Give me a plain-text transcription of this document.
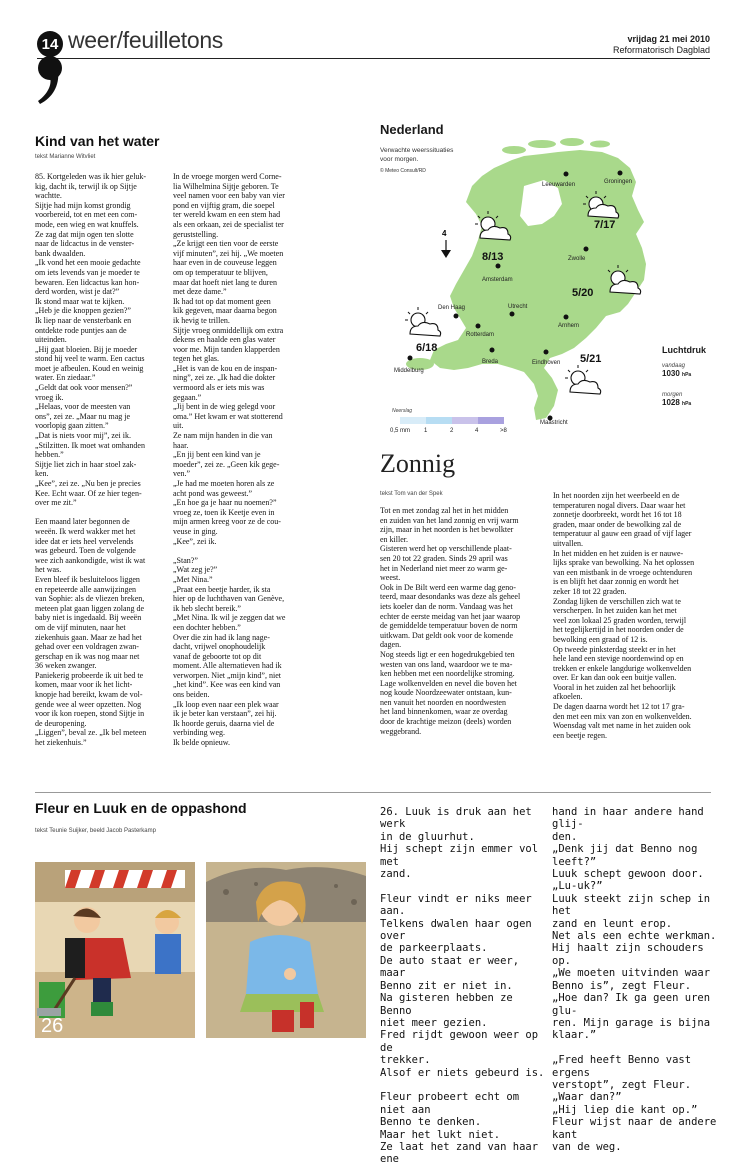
14 weer/feuilletons	vrijdag 21 mei 2010
Reformatorisch Dagblad
Kind van het water
tekst Marianne Witvliet

85. Kortgeleden was ik hier geluk-
kig, dacht ik, terwijl ik op Sijtje
wachtte.
Sijtje had mijn komst grondig
voorbereid, tot en met een com-
mode, een wieg en wat knuffels.
Ze zag dat mijn ogen ten slotte
naar de lidcactus in de venster-
bank dwaalden.
„Ik vond het een mooie gedachte
om iets levends van je moeder te
bewaren. Een lidcactus kan hon-
derd worden, wist je dat?”
Ik stond maar wat te kijken.
„Heb je die knoppen gezien?”
Ik liep naar de vensterbank en
ontdekte rode puntjes aan de
uiteinden.
„Hij gaat bloeien. Bij je moeder
stond hij veel te warm. Een cactus
moet je afbeulen. Koud en weinig
water. En ziedaar.”
„Geldt dat ook voor mensen?”
vroeg ik.
„Helaas, voor de meesten van
ons”, zei ze. „Maar nu mag je
voorlopig gaan zitten.”
„Dat is niets voor mij”, zei ik.
„Stilzitten. Ik moet wat omhanden
hebben.”
Sijtje liet zich in haar stoel zak-
ken.
„Kee”, zei ze. „Nu ben je precies
Kee. Echt waar. Of ze hier tegen-
over me zit.”

Een maand later begonnen de
weeën. Ik werd wakker met het
idee dat er iets heel vervelends
was gebeurd. Toen de volgende
wee zich aankondigde, wist ik wat
het was.
Even bleef ik besluiteloos liggen
en repeteerde alle aanwijzingen
van Sophie: als de vliezen breken,
meteen plat gaan liggen zolang de
baby niet is ingedaald. Bij weeën
om de vijf minuten, naar het
ziekenhuis gaan. Maar ze had het
gehad over een voldragen zwan-
gerschap en ik was nog maar net
36 weken zwanger.
Paniekerig probeerde ik uit bed te
komen, maar voor ik het licht-
knopje had bereikt, kwam de vol-
gende wee al weer opzetten. Nog
voor ik kon roepen, stond Sijtje in
de deuropening.
„Liggen”, beval ze. „Ik bel meteen
het ziekenhuis.”

In de vroege morgen werd Corne-
lia Wilhelmina Sijtje geboren. Te
veel namen voor een baby van vier
pond en vijftig gram, die soepel
ter wereld kwam en een stem had
als een orkaan, zei de specialist ter
geruststelling.
„Ze krijgt een tien voor de eerste
vijf minuten”, zei hij. „We moeten
haar even in de couveuse leggen
om op temperatuur te blijven,
maar dat hoeft niet lang te duren
met deze dame.”
Ik had tot op dat moment geen
kik gegeven, maar daarna begon
ik hevig te trillen.
Sijtje vroeg onmiddellijk om extra
dekens en haalde een glas water
voor me. Mijn tanden klapperden
tegen het glas.
„Het is van de kou en de inspan-
ning”, zei ze. „Ik had die dokter
vermoord als er iets mis was
gegaan.”
„Jij bent in de wieg gelegd voor
oma.” Het kwam er wat stotterend
uit.
Ze nam mijn handen in die van
haar.
„En jij bent een kind van je
moeder”, zei ze. „Geen kik gege-
ven.”
„Je had me moeten horen als ze
acht pond was geweest.”
„En hoe ga je haar nu noemen?”
vroeg ze, toen ik Keetje even in
mijn armen kreeg voor ze de cou-
veuse in ging.
„Kee”, zei ik.

„Stan?”
„Wat zeg je?”
„Met Nina.”
„Praat een beetje harder, ik sta
hier op de luchthaven van Genève,
ik heb slecht bereik.”
„Met Nina. Ik wil je zeggen dat we
een dochter hebben.”
Over die zin had ik lang nage-
dacht, vrijwel onophoudelijk
vanaf de geboorte tot op dit
moment. Alle alternatieven had ik
verworpen. Niet „mijn kind”, niet
„het kind”. Kee was een kind van
ons beiden.
„Ik loop even naar een plek waar
ik je beter kan verstaan”, zei hij.
Ik hoorde geruis, daarna viel de
verbinding weg.
Ik belde opnieuw.

Nederland
Verwachte weerssituaties
voor morgen.
© Meteo Consult/RD
Leeuwarden	Groningen
Zwolle
Amsterdam
Den Haag	Utrecht
Rotterdam
Arnhem
Breda	Eindhoven
Middelburg
Maastricht
7/17
8/13
5/20
6/18
5/21
4
Neerslag
0,5 mm 1	2	4	>8
Luchtdruk
vandaag
1030 hPa
morgen
1028 hPa
Zonnig
tekst Tom van der Spek

Tot en met zondag zal het in het midden
en zuiden van het land zonnig en vrij warm
zijn, maar in het noorden is het bewolkter
en killer.
Gisteren werd het op verschillende plaat-
sen 20 tot 22 graden. Sinds 29 april was
het in Nederland niet meer zo warm ge-
weest.
Ook in De Bilt werd een warme dag geno-
teerd, maar desondanks was deze als geheel
iets koeler dan de norm. Vandaag was het
echter de eerste meidag van het jaar waarop
de gemiddelde temperatuur boven de norm
uitkwam. Dat geldt ook voor de komende
dagen.
Nog steeds ligt er een hogedrukgebied ten
westen van ons land, waardoor we te ma-
ken hebben met een noordelijke stroming.
Lage wolkenvelden en nevel die boven het
nog koude Noordzeewater ontstaan, kun-
nen vanuit het noorden en noordwesten
het land binnenkomen, waar ze overdag
door de krachtige meizon (deels) worden
weggebrand.

In het noorden zijn het weerbeeld en de
temperaturen nogal divers. Daar waar het
zonnetje doorbreekt, wordt het 16 tot 18
graden, maar onder de bewolking zal de
temperatuur al gauw een graad of vijf lager
uitvallen.
In het midden en het zuiden is er nauwe-
lijks sprake van bewolking. Na het oplossen
van een mistbank in de vroege ochtenduren
is en blijft het daar zonnig en wordt het
zeker 18 tot 22 graden.
Zondag lijken de verschillen zich wat te
verscherpen. In het zuiden kan het met
veel zon lokaal 25 graden worden, terwijl
het tegelijkertijd in het noorden onder de
bewolking een graad of 12 is.
Op tweede pinksterdag steekt er in het
hele land een stevige noordenwind op en
trekken er enkele langdurige wolkenvelden
over. Er kan dan ook een buitje vallen.
Vooral in het zuiden zal het behoorlijk
afkoelen.
De dagen daarna wordt het 12 tot 17 gra-
den met een mix van zon en wolkenvelden.
Woensdag valt met name in het zuiden ook
een beetje regen.

Fleur en Luuk en de oppashond
tekst Teunie Suijker, beeld Jacob Pasterkamp
26

26. Luuk is druk aan het werk
in de gluurhut.
Hij schept zijn emmer vol met
zand.

Fleur vindt er niks meer aan.
Telkens dwalen haar ogen over
de parkeerplaats.
De auto staat er weer, maar
Benno zit er niet in.
Na gisteren hebben ze Benno
niet meer gezien.
Fred rijdt gewoon weer op de
trekker.
Alsof er niets gebeurd is.

Fleur probeert echt om niet aan
Benno te denken.
Maar het lukt niet.
Ze laat het zand van haar ene

hand in haar andere hand glij-
den.
„Denk jij dat Benno nog leeft?”
Luuk schept gewoon door.
„Lu-uk?”
Luuk steekt zijn schep in het
zand en leunt erop.
Net als een echte werkman.
Hij haalt zijn schouders op.
„We moeten uitvinden waar
Benno is”, zegt Fleur.
„Hoe dan? Ik ga geen uren glu-
ren. Mijn garage is bijna klaar.”

„Fred heeft Benno vast ergens
verstopt”, zegt Fleur.
„Waar dan?”
„Hij liep die kant op.”
Fleur wijst naar de andere kant
van de weg.
